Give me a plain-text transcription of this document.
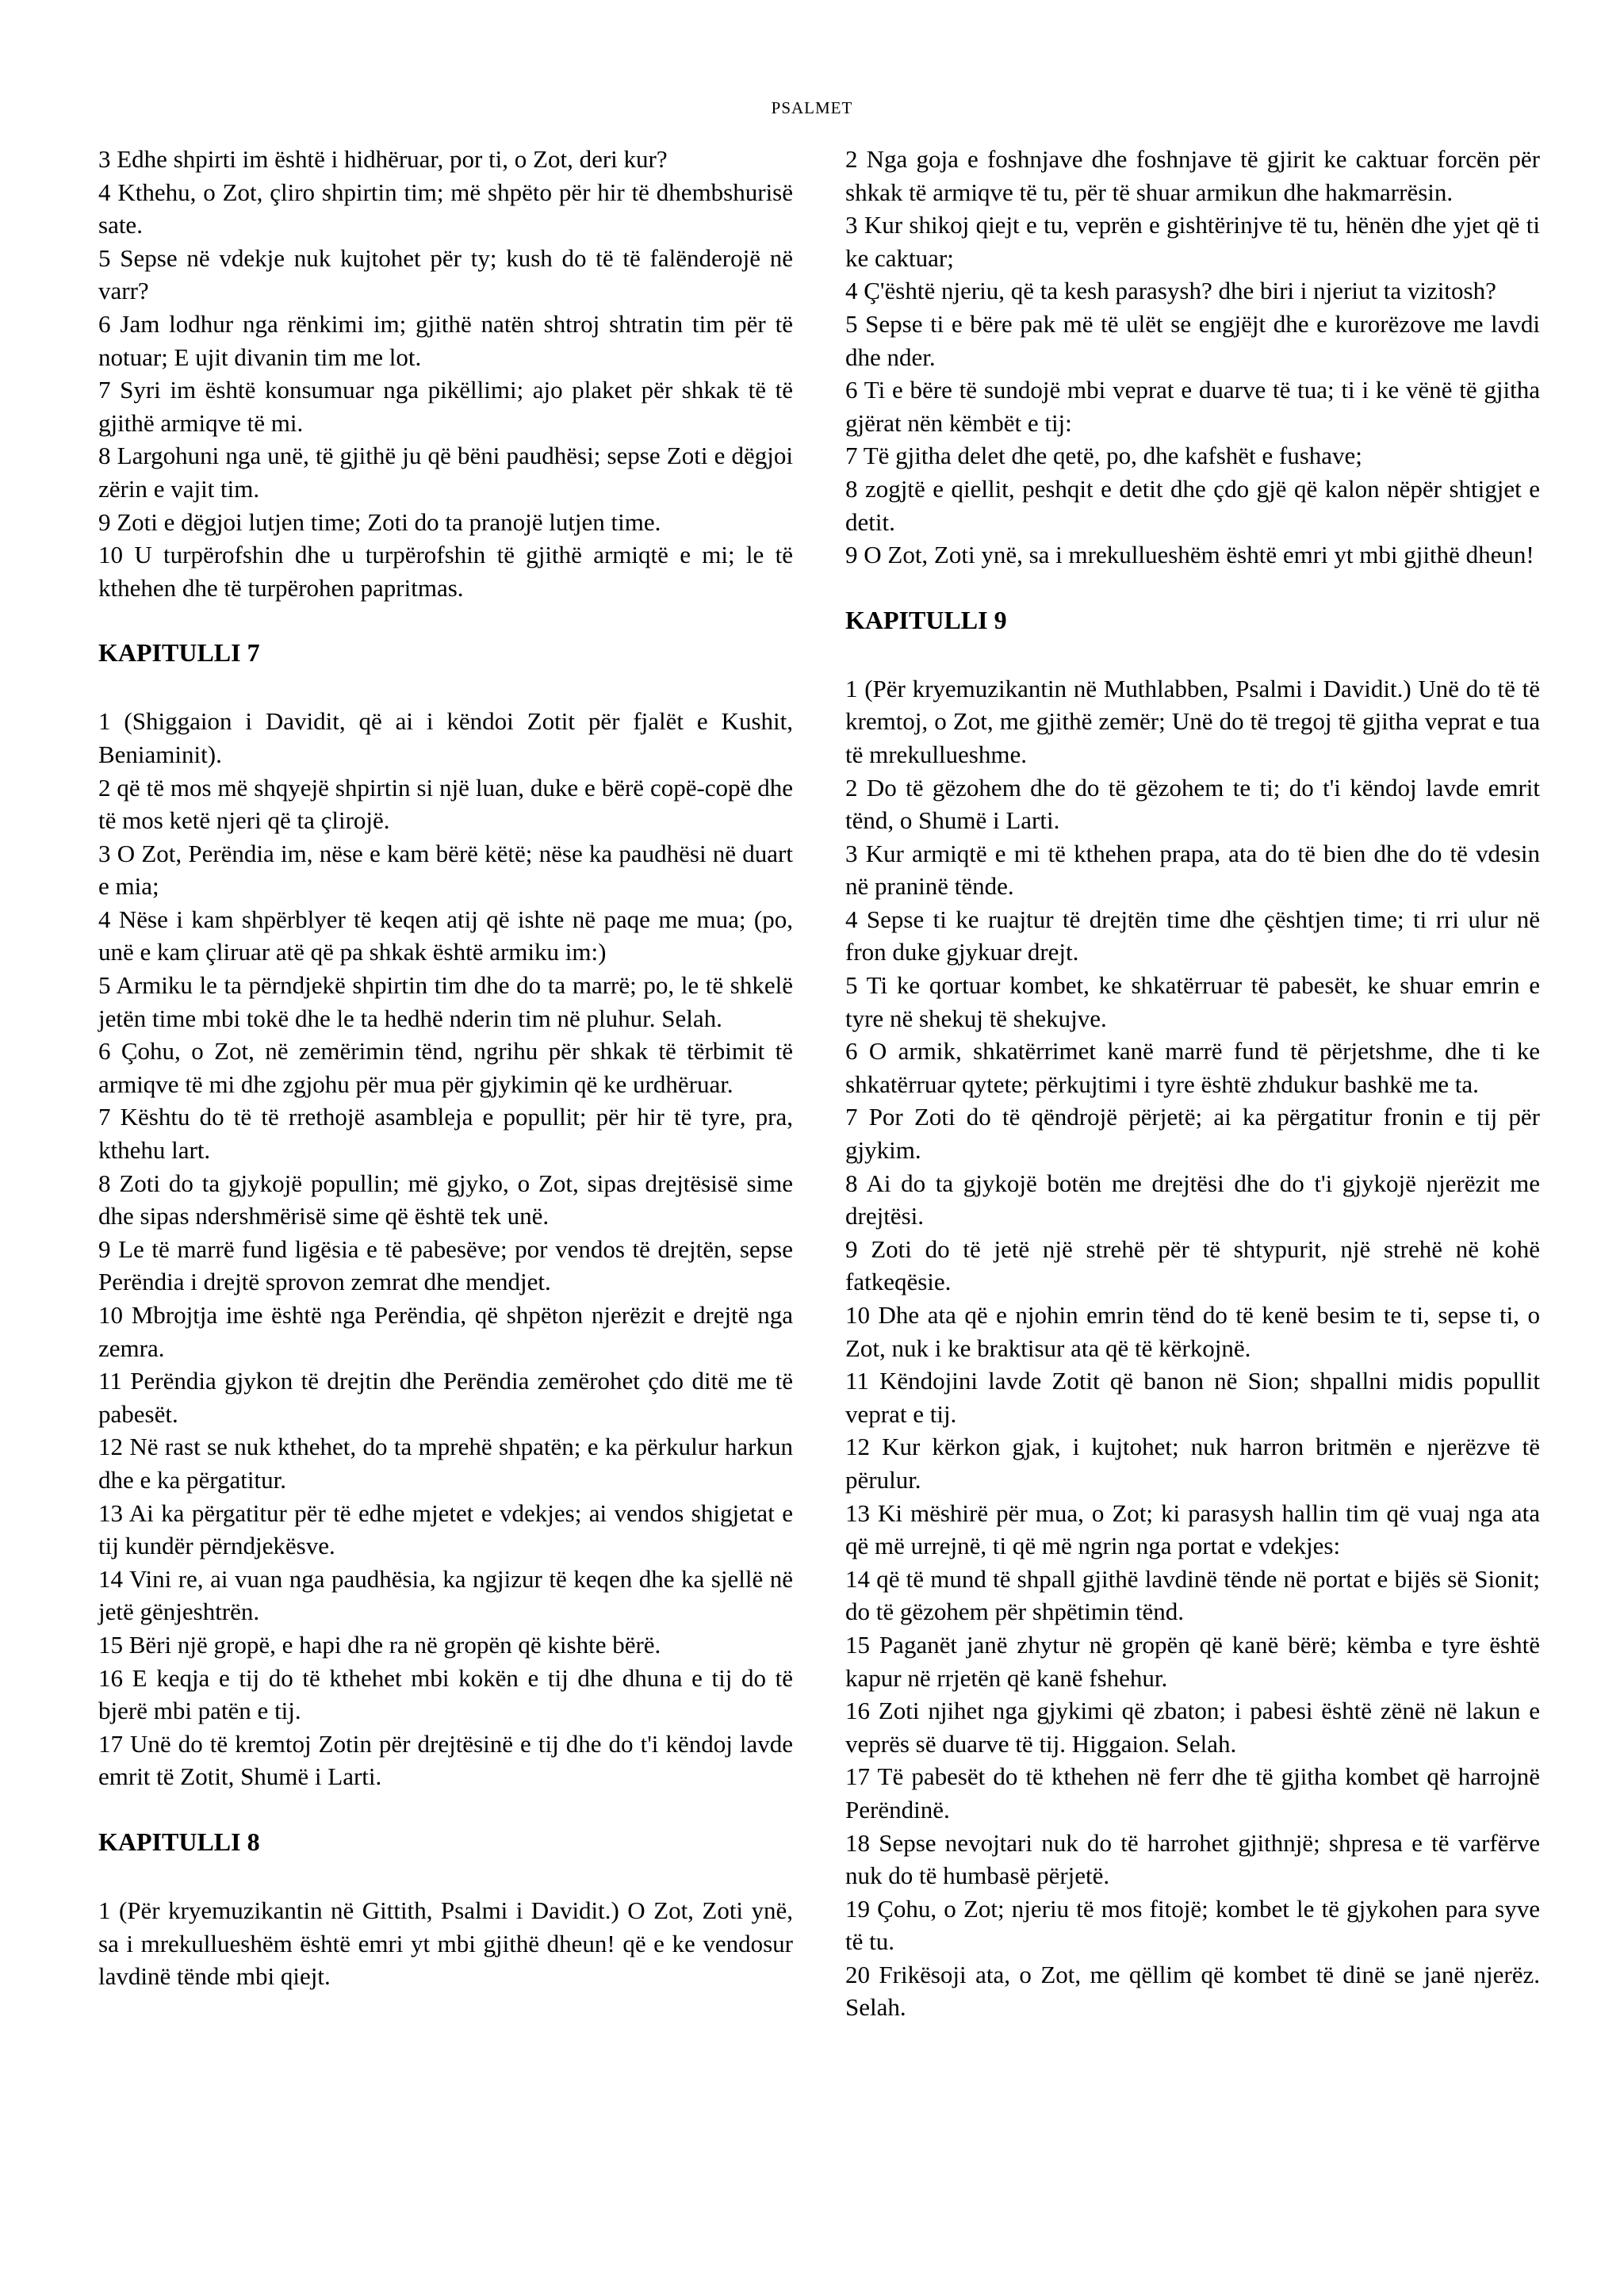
PSALMET

3 Edhe shpirti im është i hidhëruar, por ti, o Zot, deri kur?

4 Kthehu, o Zot, çliro shpirtin tim; më shpëto për hir të dhembshurisë sate.

5 Sepse në vdekje nuk kujtohet për ty; kush do të të falënderojë në varr?

6 Jam lodhur nga rënkimi im; gjithë natën shtroj shtratin tim për të notuar; E ujit divanin tim me lot.

7 Syri im është konsumuar nga pikëllimi; ajo plaket për shkak të të gjithë armiqve të mi.

8 Largohuni nga unë, të gjithë ju që bëni paudhësi; sepse Zoti e dëgjoi zërin e vajit tim.

9 Zoti e dëgjoi lutjen time; Zoti do ta pranojë lutjen time.

10 U turpërofshin dhe u turpërofshin të gjithë armiqtë e mi; le të kthehen dhe të turpërohen papritmas.

KAPITULLI 7

1 (Shiggaion i Davidit, që ai i këndoi Zotit për fjalët e Kushit, Beniaminit).

2 që të mos më shqyejë shpirtin si një luan, duke e bërë copë-copë dhe të mos ketë njeri që ta çlirojë.

3 O Zot, Perëndia im, nëse e kam bërë këtë; nëse ka paudhësi në duart e mia;

4 Nëse i kam shpërblyer të keqen atij që ishte në paqe me mua; (po, unë e kam çliruar atë që pa shkak është armiku im:)

5 Armiku le ta përndjekë shpirtin tim dhe do ta marrë; po, le të shkelë jetën time mbi tokë dhe le ta hedhë nderin tim në pluhur. Selah.

6 Çohu, o Zot, në zemërimin tënd, ngrihu për shkak të tërbimit të armiqve të mi dhe zgjohu për mua për gjykimin që ke urdhëruar.

7 Kështu do të të rrethojë asambleja e popullit; për hir të tyre, pra, kthehu lart.

8 Zoti do ta gjykojë popullin; më gjyko, o Zot, sipas drejtësisë sime dhe sipas ndershmërisë sime që është tek unë.

9 Le të marrë fund ligësia e të pabesëve; por vendos të drejtën, sepse Perëndia i drejtë sprovon zemrat dhe mendjet.

10 Mbrojtja ime është nga Perëndia, që shpëton njerëzit e drejtë nga zemra.

11 Perëndia gjykon të drejtin dhe Perëndia zemërohet çdo ditë me të pabesët.

12 Në rast se nuk kthehet, do ta mprehë shpatën; e ka përkulur harkun dhe e ka përgatitur.

13 Ai ka përgatitur për të edhe mjetet e vdekjes; ai vendos shigjetat e tij kundër përndjekësve.

14 Vini re, ai vuan nga paudhësia, ka ngjizur të keqen dhe ka sjellë në jetë gënjeshtrën.

15 Bëri një gropë, e hapi dhe ra në gropën që kishte bërë.

16 E keqja e tij do të kthehet mbi kokën e tij dhe dhuna e tij do të bjerë mbi patën e tij.

17 Unë do të kremtoj Zotin për drejtësinë e tij dhe do t'i këndoj lavde emrit të Zotit, Shumë i Larti.

KAPITULLI 8

1 (Për kryemuzikantin në Gittith, Psalmi i Davidit.) O Zot, Zoti ynë, sa i mrekullueshëm është emri yt mbi gjithë dheun! që e ke vendosur lavdinë tënde mbi qiejt.

2 Nga goja e foshnjave dhe foshnjave të gjirit ke caktuar forcën për shkak të armiqve të tu, për të shuar armikun dhe hakmarrësin.

3 Kur shikoj qiejt e tu, veprën e gishtërinjve të tu, hënën dhe yjet që ti ke caktuar;

4 Ç'është njeriu, që ta kesh parasysh? dhe biri i njeriut ta vizitosh?

5 Sepse ti e bëre pak më të ulët se engjëjt dhe e kurorëzove me lavdi dhe nder.

6 Ti e bëre të sundojë mbi veprat e duarve të tua; ti i ke vënë të gjitha gjërat nën këmbët e tij:

7 Të gjitha delet dhe qetë, po, dhe kafshët e fushave;

8 zogjtë e qiellit, peshqit e detit dhe çdo gjë që kalon nëpër shtigjet e detit.

9 O Zot, Zoti ynë, sa i mrekullueshëm është emri yt mbi gjithë dheun!

KAPITULLI 9

1 (Për kryemuzikantin në Muthlabben, Psalmi i Davidit.) Unë do të të kremtoj, o Zot, me gjithë zemër; Unë do të tregoj të gjitha veprat e tua të mrekullueshme.

2 Do të gëzohem dhe do të gëzohem te ti; do t'i këndoj lavde emrit tënd, o Shumë i Larti.

3 Kur armiqtë e mi të kthehen prapa, ata do të bien dhe do të vdesin në praninë tënde.

4 Sepse ti ke ruajtur të drejtën time dhe çështjen time; ti rri ulur në fron duke gjykuar drejt.

5 Ti ke qortuar kombet, ke shkatërruar të pabesët, ke shuar emrin e tyre në shekuj të shekujve.

6 O armik, shkatërrimet kanë marrë fund të përjetshme, dhe ti ke shkatërruar qytete; përkujtimi i tyre është zhdukur bashkë me ta.

7 Por Zoti do të qëndrojë përjetë; ai ka përgatitur fronin e tij për gjykim.

8 Ai do ta gjykojë botën me drejtësi dhe do t'i gjykojë njerëzit me drejtësi.

9 Zoti do të jetë një strehë për të shtypurit, një strehë në kohë fatkeqësie.

10 Dhe ata që e njohin emrin tënd do të kenë besim te ti, sepse ti, o Zot, nuk i ke braktisur ata që të kërkojnë.

11 Këndojini lavde Zotit që banon në Sion; shpallni midis popullit veprat e tij.

12 Kur kërkon gjak, i kujtohet; nuk harron britmën e njerëzve të përulur.

13 Ki mëshirë për mua, o Zot; ki parasysh hallin tim që vuaj nga ata që më urrejnë, ti që më ngrin nga portat e vdekjes:

14 që të mund të shpall gjithë lavdinë tënde në portat e bijës së Sionit; do të gëzohem për shpëtimin tënd.

15 Paganët janë zhytur në gropën që kanë bërë; këmba e tyre është kapur në rrjetën që kanë fshehur.

16 Zoti njihet nga gjykimi që zbaton; i pabesi është zënë në lakun e veprës së duarve të tij. Higgaion. Selah.

17 Të pabesët do të kthehen në ferr dhe të gjitha kombet që harrojnë Perëndinë.

18 Sepse nevojtari nuk do të harrohet gjithnjë; shpresa e të varfërve nuk do të humbasë përjetë.

19 Çohu, o Zot; njeriu të mos fitojë; kombet le të gjykohen para syve të tu.

20 Frikësoji ata, o Zot, me qëllim që kombet të dinë se janë njerëz. Selah.
